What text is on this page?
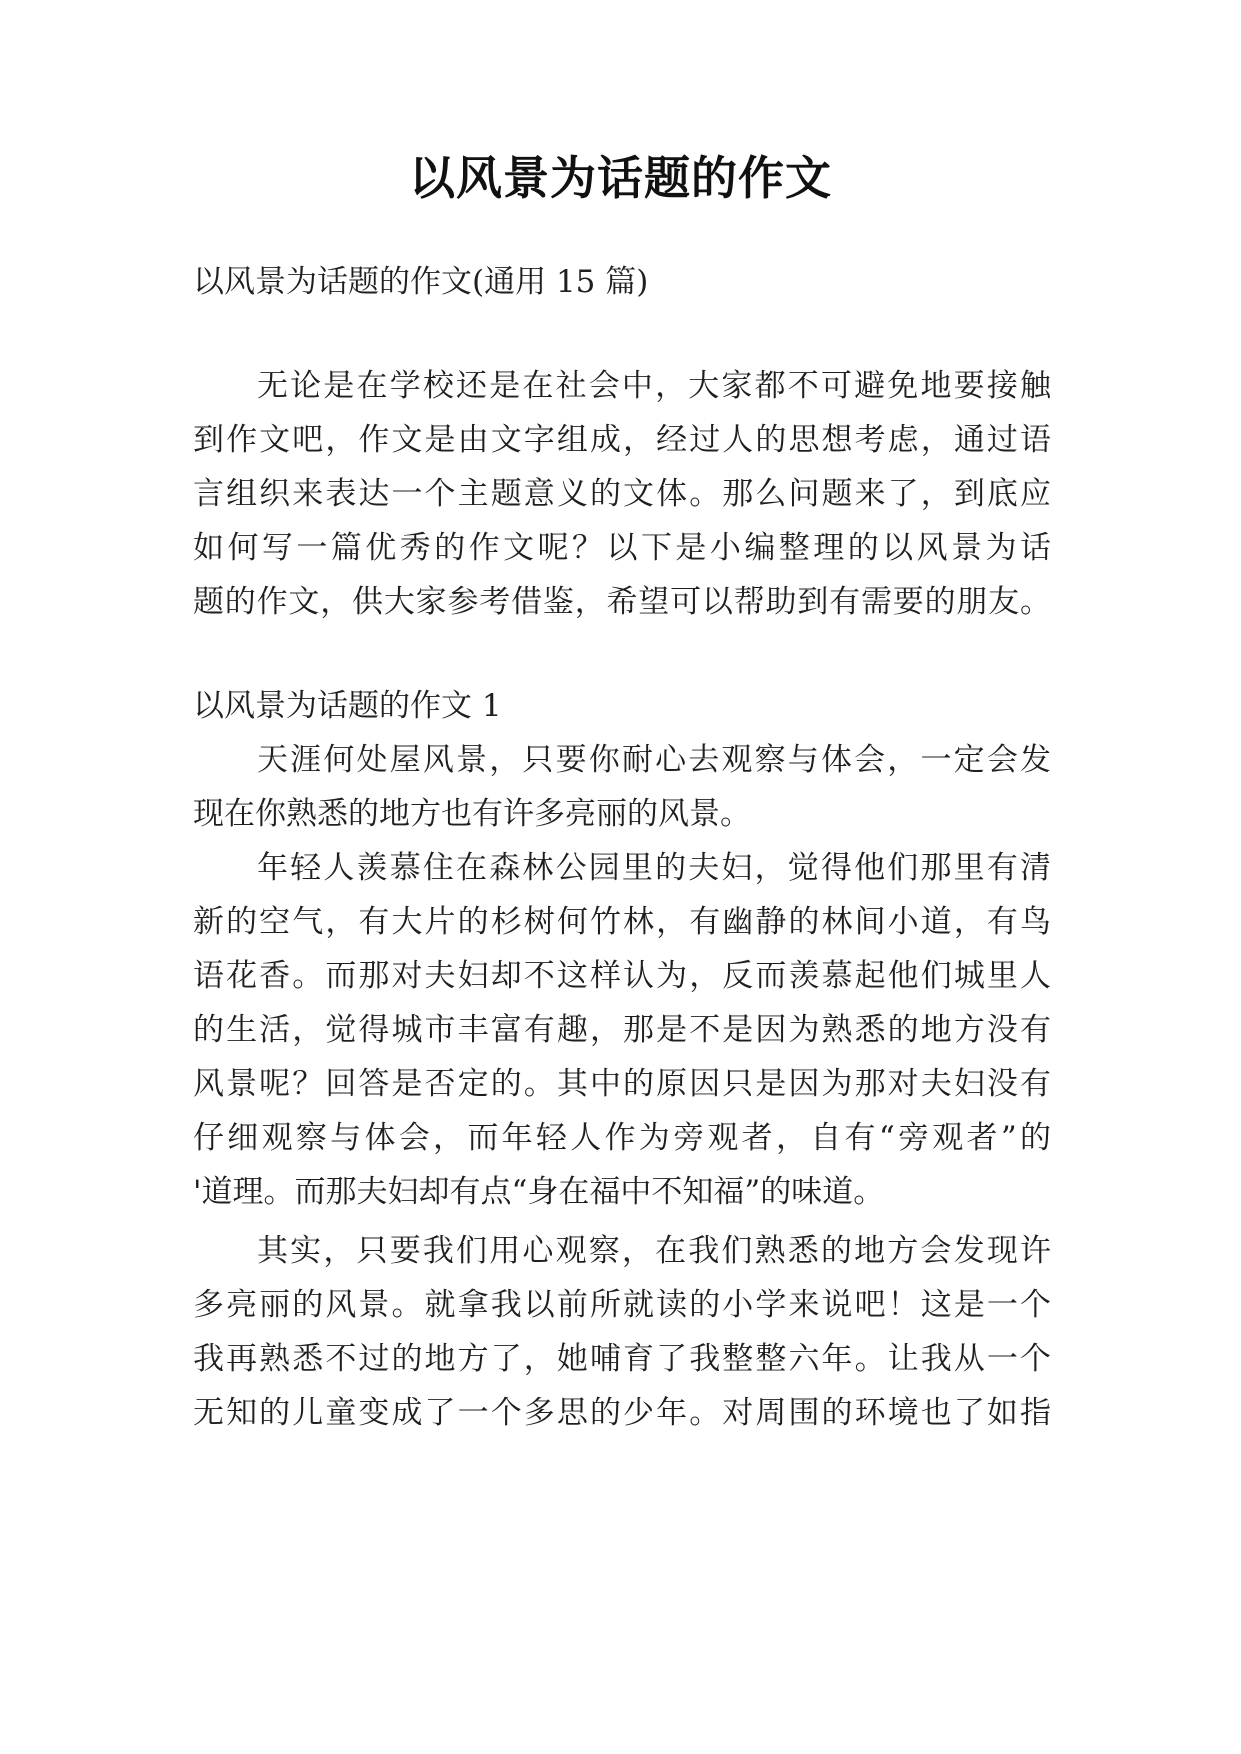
以风景为话题的作文
以风景为话题的作文(通用 15 篇)
无论是在学校还是在社会中，大家都不可避免地要接触
到作文吧，作文是由文字组成，经过人的思想考虑，通过语
言组织来表达一个主题意义的文体。那么问题来了，到底应
如何写一篇优秀的作文呢？以下是小编整理的以风景为话
题的作文，供大家参考借鉴，希望可以帮助到有需要的朋友。
以风景为话题的作文 1
天涯何处屋风景，只要你耐心去观察与体会，一定会发
现在你熟悉的地方也有许多亮丽的风景。
年轻人羡慕住在森林公园里的夫妇，觉得他们那里有清
新的空气，有大片的杉树何竹林，有幽静的林间小道，有鸟
语花香。而那对夫妇却不这样认为，反而羡慕起他们城里人
的生活，觉得城市丰富有趣，那是不是因为熟悉的地方没有
风景呢？回答是否定的。其中的原因只是因为那对夫妇没有
仔细观察与体会，而年轻人作为旁观者，自有“旁观者”的
'道理。而那夫妇却有点“身在福中不知福”的味道。
其实，只要我们用心观察，在我们熟悉的地方会发现许
多亮丽的风景。就拿我以前所就读的小学来说吧！这是一个
我再熟悉不过的地方了，她哺育了我整整六年。让我从一个
无知的儿童变成了一个多思的少年。对周围的环境也了如指
